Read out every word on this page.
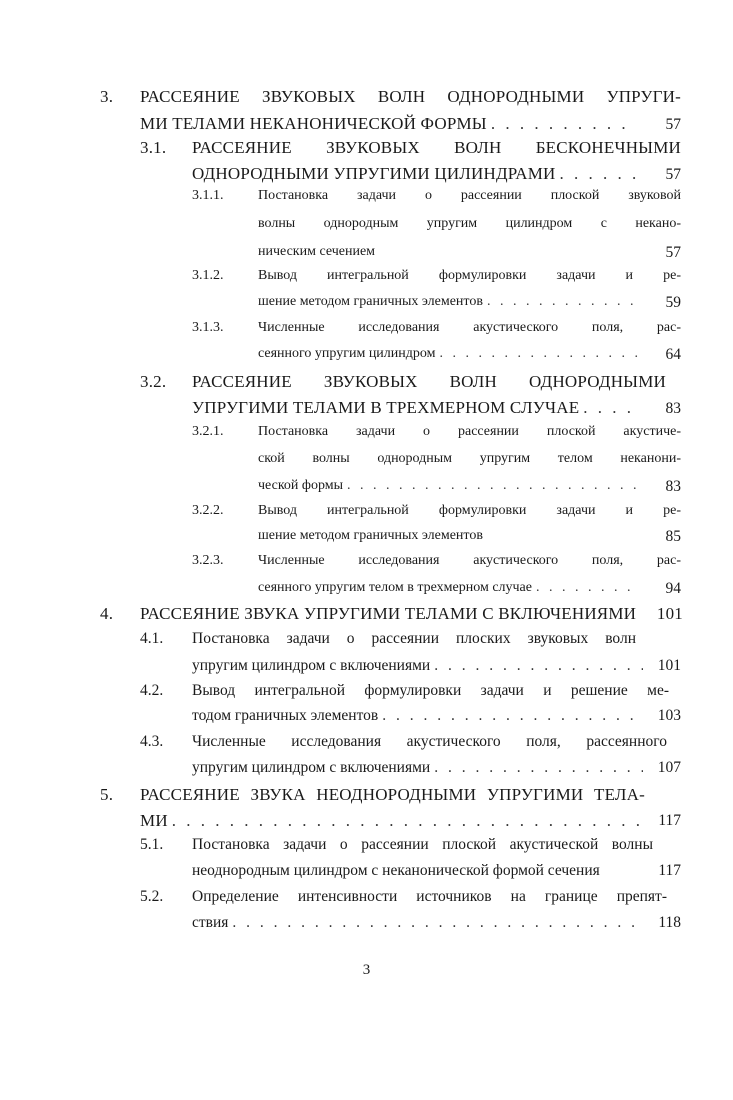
3. РАССЕЯНИЕ ЗВУКОВЫХ ВОЛН ОДНОРОДНЫМИ УПРУГИ-
МИ ТЕЛАМИ НЕКАНОНИЧЕСКОЙ ФОРМЫ . . .	57
3.1. РАССЕЯНИЕ ЗВУКОВЫХ ВОЛН БЕСКОНЕЧНЫМИ
ОДНОРОДНЫМИ УПРУГИМИ ЦИЛИНДРАМИ . . .	57
3.1.1. Постановка задачи о рассеянии плоской звуковой
волны однородным упругим цилиндром с некано-
ническим сечением	57
3.1.2. Вывод интегральной формулировки задачи и ре-
шение методом граничных элементов . . .	59
3.1.3. Численные исследования акустического поля, рас-
сеянного упругим цилиндром . . .	64
3.2. РАССЕЯНИЕ ЗВУКОВЫХ ВОЛН ОДНОРОДНЫМИ
УПРУГИМИ ТЕЛАМИ В ТРЕХМЕРНОМ СЛУЧАЕ . . .	83
3.2.1. Постановка задачи о рассеянии плоской акустиче-
ской волны однородным упругим телом неканони-
ческой формы . . .	83
3.2.2. Вывод интегральной формулировки задачи и ре-
шение методом граничных элементов	85
3.2.3. Численные исследования акустического поля, рас-
сеянного упругим телом в трехмерном случае . . .	94
4. РАССЕЯНИЕ ЗВУКА УПРУГИМИ ТЕЛАМИ С ВКЛЮЧЕНИЯМИ 101
4.1. Постановка задачи о рассеянии плоских звуковых волн
упругим цилиндром с включениями . . .	101
4.2. Вывод интегральной формулировки задачи и решение ме-
тодом граничных элементов . . .	103
4.3. Численные исследования акустического поля, рассеянного
упругим цилиндром с включениями . . .	107
5. РАССЕЯНИЕ ЗВУКА НЕОДНОРОДНЫМИ УПРУГИМИ ТЕЛА-
МИ . . .	117
5.1. Постановка задачи о рассеянии плоской акустической волны
неоднородным цилиндром с неканонической формой сечения	117
5.2. Определение интенсивности источников на границе препят-
ствия . . .	118
3
